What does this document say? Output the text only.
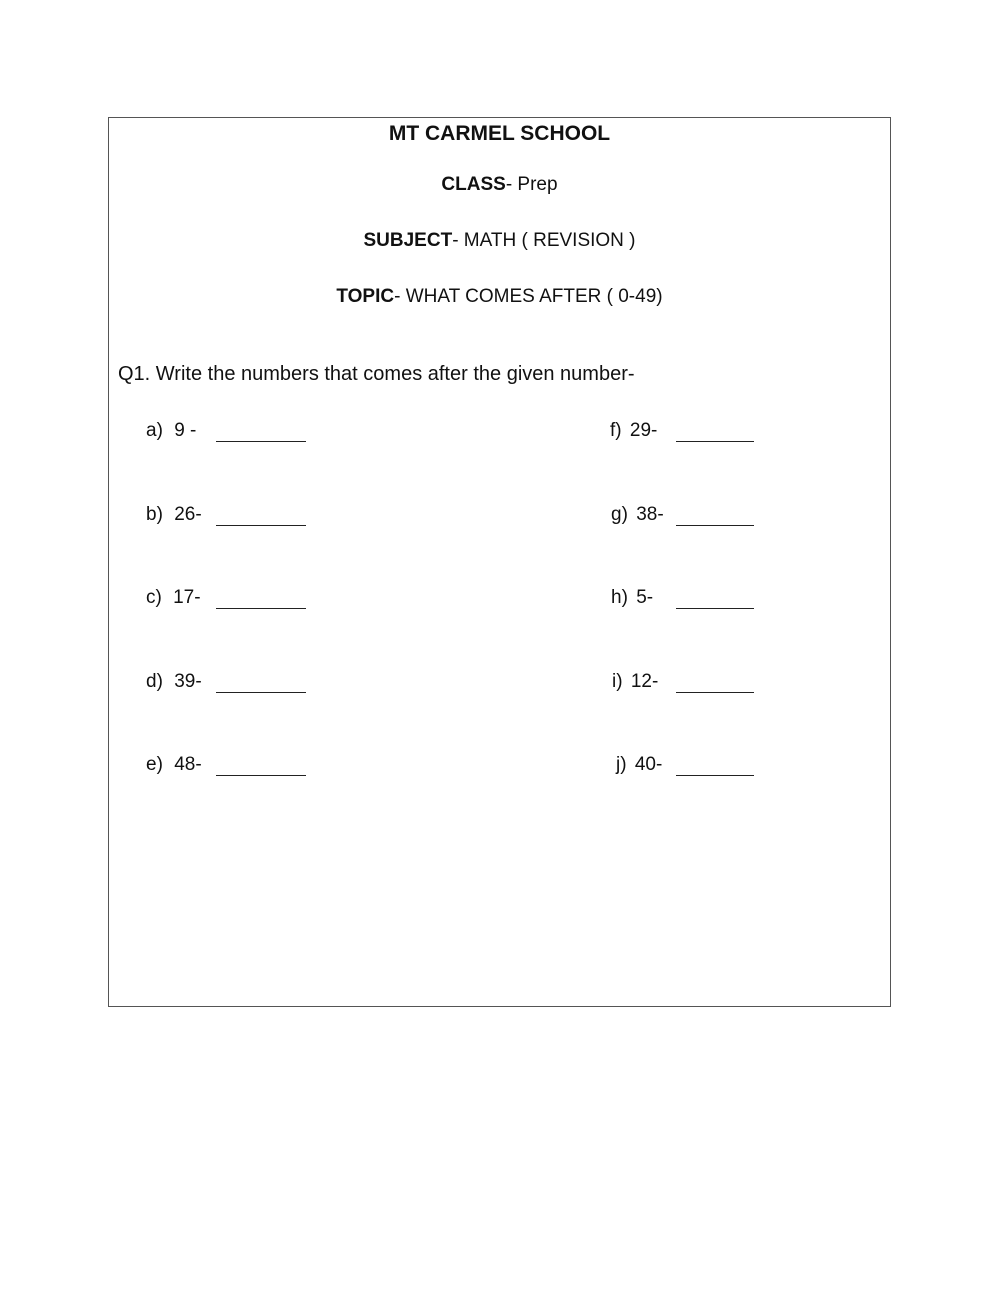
MT CARMEL SCHOOL
CLASS- Prep
SUBJECT- MATH ( REVISION )
TOPIC- WHAT COMES AFTER ( 0-49)
Q1. Write the numbers that comes after the given number-
a) 9 -
b) 26-
c) 17-
d) 39-
e) 48-
f) 29-
g) 38-
h) 5-
i) 12-
j) 40-
